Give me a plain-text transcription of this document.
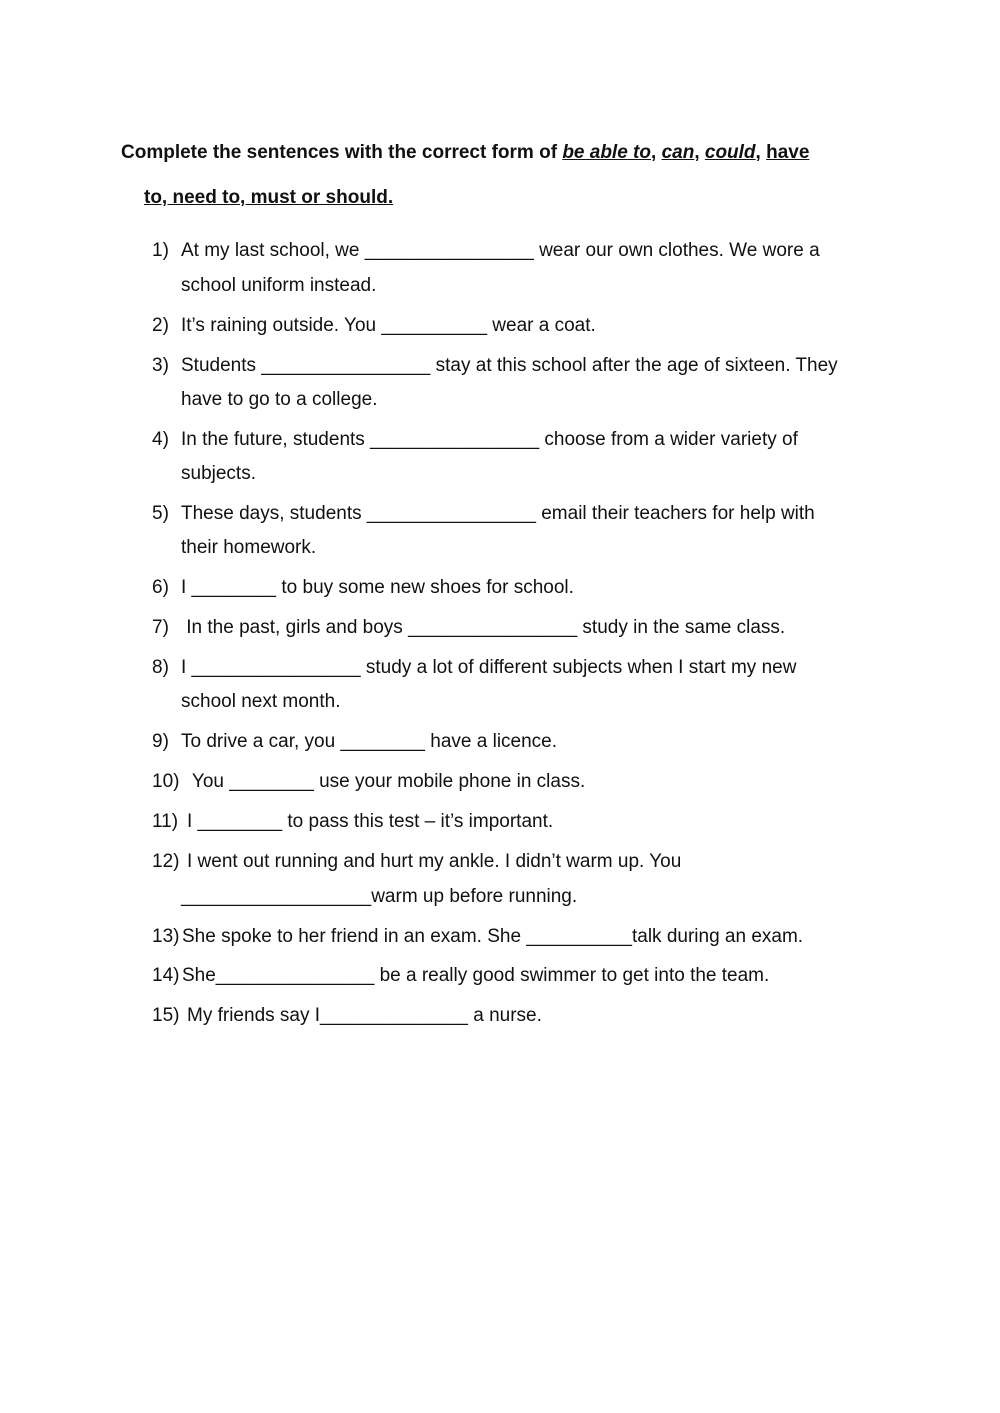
Complete the sentences with the correct form of be able to, can, could, have
to, need to, must or should.
1) At my last school, we ________________ wear our own clothes. We wore a
school uniform instead.
2) It’s raining outside. You __________ wear a coat.
3) Students ________________ stay at this school after the age of sixteen. They
have to go to a college.
4) In the future, students ________________ choose from a wider variety of
subjects.
5) These days, students ________________ email their teachers for help with
their homework.
6) I ________ to buy some new shoes for school.
7) In the past, girls and boys ________________ study in the same class.
8) I ________________ study a lot of different subjects when I start my new
school next month.
9) To drive a car, you ________ have a licence.
10) You ________ use your mobile phone in class.
11) I ________ to pass this test – it’s important.
12) I went out running and hurt my ankle. I didn’t warm up. You
__________________warm up before running.
13) She spoke to her friend in an exam. She __________talk during an exam.
14) She_______________ be a really good swimmer to get into the team.
15) My friends say I______________ a nurse.
